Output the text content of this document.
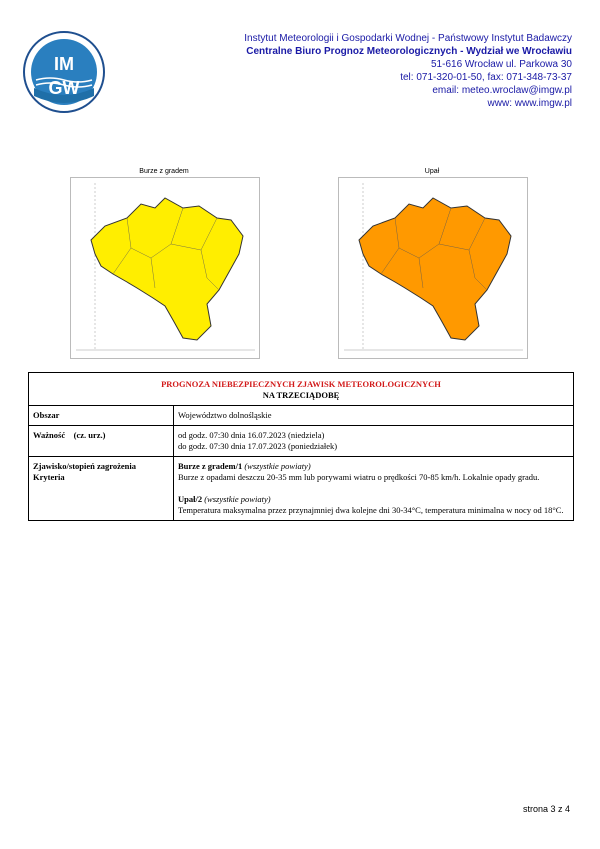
IM
GW
Instytut Meteorologii i Gospodarki Wodnej - Państwowy Instytut Badawczy
Centralne Biuro Prognoz Meteorologicznych - Wydział we Wrocławiu
51-616 Wrocław ul. Parkowa 30
tel: 071-320-01-50, fax: 071-348-73-37
email: meteo.wroclaw@imgw.pl
www: www.imgw.pl
Burze z gradem	Upał
PROGNOZA NIEBEZPIECZNYCH ZJAWISK METEOROLOGICZNYCH
NA TRZECIĄDOBĘ
Obszar	Województwo dolnośląskie
Ważność (cz. urz.)	od godz. 07:30 dnia 16.07.2023 (niedziela)
do godz. 07:30 dnia 17.07.2023 (poniedziałek)
Zjawisko/stopień zagrożenia
Kryteria
Burze z gradem/1 (wszystkie powiaty)
Burze z opadami deszczu 20-35 mm lub porywami wiatru o prędkości 70-85 km/h. Lokalnie opady gradu.
Upał/2 (wszystkie powiaty)
Temperatura maksymalna przez przynajmniej dwa kolejne dni 30-34°C, temperatura minimalna w nocy od 18°C.
strona 3 z 4
